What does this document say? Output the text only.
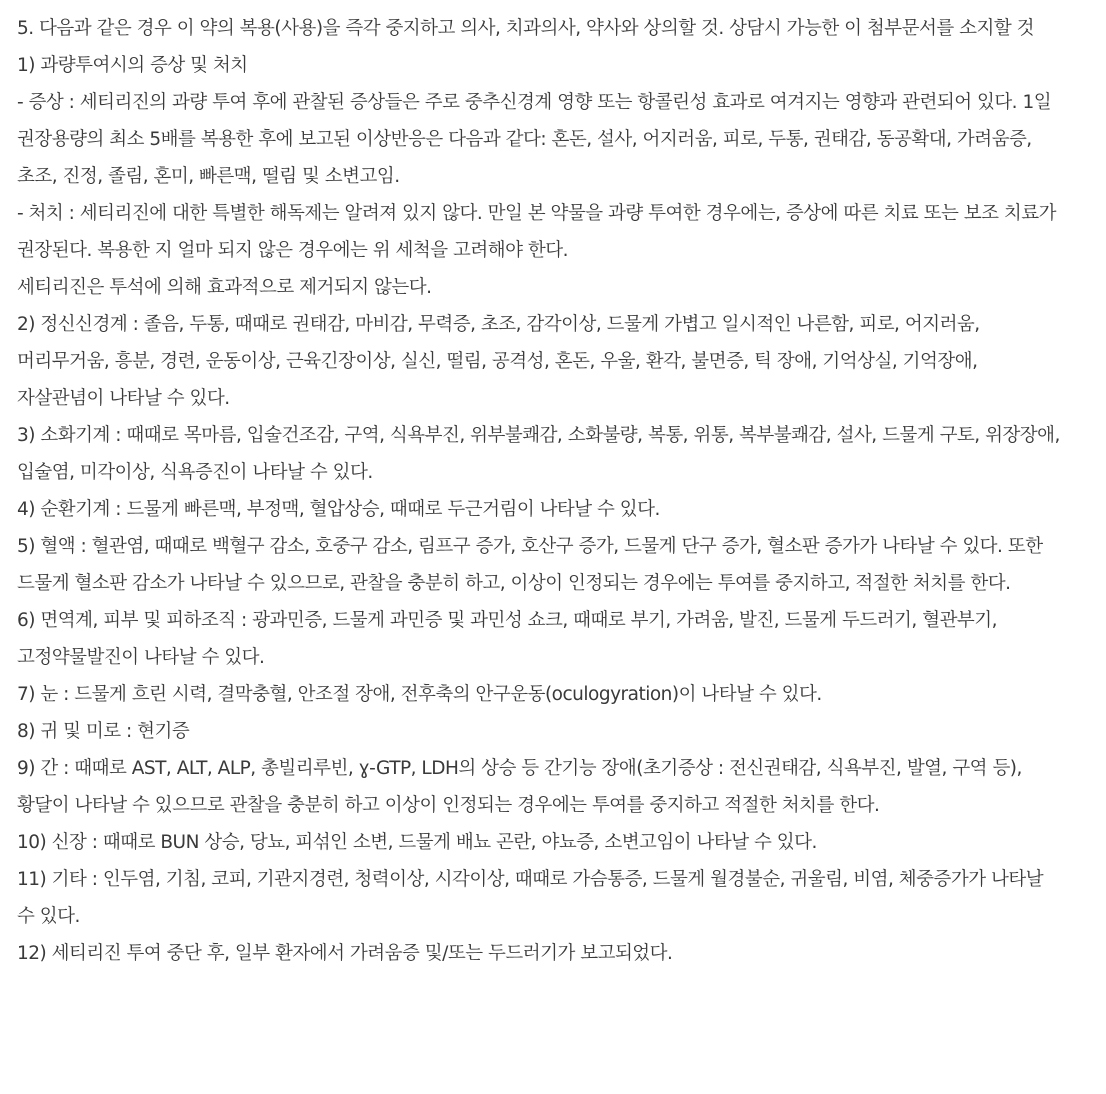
5. 다음과 같은 경우 이 약의 복용(사용)을 즉각 중지하고 의사, 치과의사, 약사와 상의할 것. 상담시 가능한 이 첨부문서를 소지할 것

1) 과량투여시의 증상 및 처치

- 증상 : 세티리진의 과량 투여 후에 관찰된 증상들은 주로 중추신경계 영향 또는 항콜린성 효과로 여겨지는 영향과 관련되어 있다. 1일 권장용량의 최소 5배를 복용한 후에 보고된 이상반응은 다음과 같다: 혼돈, 설사, 어지러움, 피로, 두통, 권태감, 동공확대, 가려움증, 초조, 진정, 졸림, 혼미, 빠른맥, 떨림 및 소변고임.

- 처치 : 세티리진에 대한 특별한 해독제는 알려져 있지 않다. 만일 본 약물을 과량 투여한 경우에는, 증상에 따른 치료 또는 보조 치료가 권장된다. 복용한 지 얼마 되지 않은 경우에는 위 세척을 고려해야 한다.

세티리진은 투석에 의해 효과적으로 제거되지 않는다.

2) 정신신경계 : 졸음, 두통, 때때로 권태감, 마비감, 무력증, 초조, 감각이상, 드물게 가볍고 일시적인 나른함, 피로, 어지러움, 머리무거움, 흥분, 경련, 운동이상, 근육긴장이상, 실신, 떨림, 공격성, 혼돈, 우울, 환각, 불면증, 틱 장애, 기억상실, 기억장애, 자살관념이 나타날 수 있다.

3) 소화기계 : 때때로 목마름, 입술건조감, 구역, 식욕부진, 위부불쾌감, 소화불량, 복통, 위통, 복부불쾌감, 설사, 드물게 구토, 위장장애, 입술염, 미각이상, 식욕증진이 나타날 수 있다.

4) 순환기계 : 드물게 빠른맥, 부정맥, 혈압상승, 때때로 두근거림이 나타날 수 있다.

5) 혈액 : 혈관염, 때때로 백혈구 감소, 호중구 감소, 림프구 증가, 호산구 증가, 드물게 단구 증가, 혈소판 증가가 나타날 수 있다. 또한 드물게 혈소판 감소가 나타날 수 있으므로, 관찰을 충분히 하고, 이상이 인정되는 경우에는 투여를 중지하고, 적절한 처치를 한다.

6) 면역계, 피부 및 피하조직 : 광과민증, 드물게 과민증 및 과민성 쇼크, 때때로 부기, 가려움, 발진, 드물게 두드러기, 혈관부기, 고정약물발진이 나타날 수 있다.

7) 눈 : 드물게 흐린 시력, 결막충혈, 안조절 장애, 전후축의 안구운동(oculogyration)이 나타날 수 있다.

8) 귀 및 미로 : 현기증

9) 간 : 때때로 AST, ALT, ALP, 총빌리루빈, ɣ-GTP, LDH의 상승 등 간기능 장애(초기증상 : 전신권태감, 식욕부진, 발열, 구역 등), 황달이 나타날 수 있으므로 관찰을 충분히 하고 이상이 인정되는 경우에는 투여를 중지하고 적절한 처치를 한다.

10) 신장 : 때때로 BUN 상승, 당뇨, 피섞인 소변, 드물게 배뇨 곤란, 야뇨증, 소변고임이 나타날 수 있다.

11) 기타 : 인두염, 기침, 코피, 기관지경련, 청력이상, 시각이상, 때때로 가슴통증, 드물게 월경불순, 귀울림, 비염, 체중증가가 나타날 수 있다.

12) 세티리진 투여 중단 후, 일부 환자에서 가려움증 및/또는 두드러기가 보고되었다.
